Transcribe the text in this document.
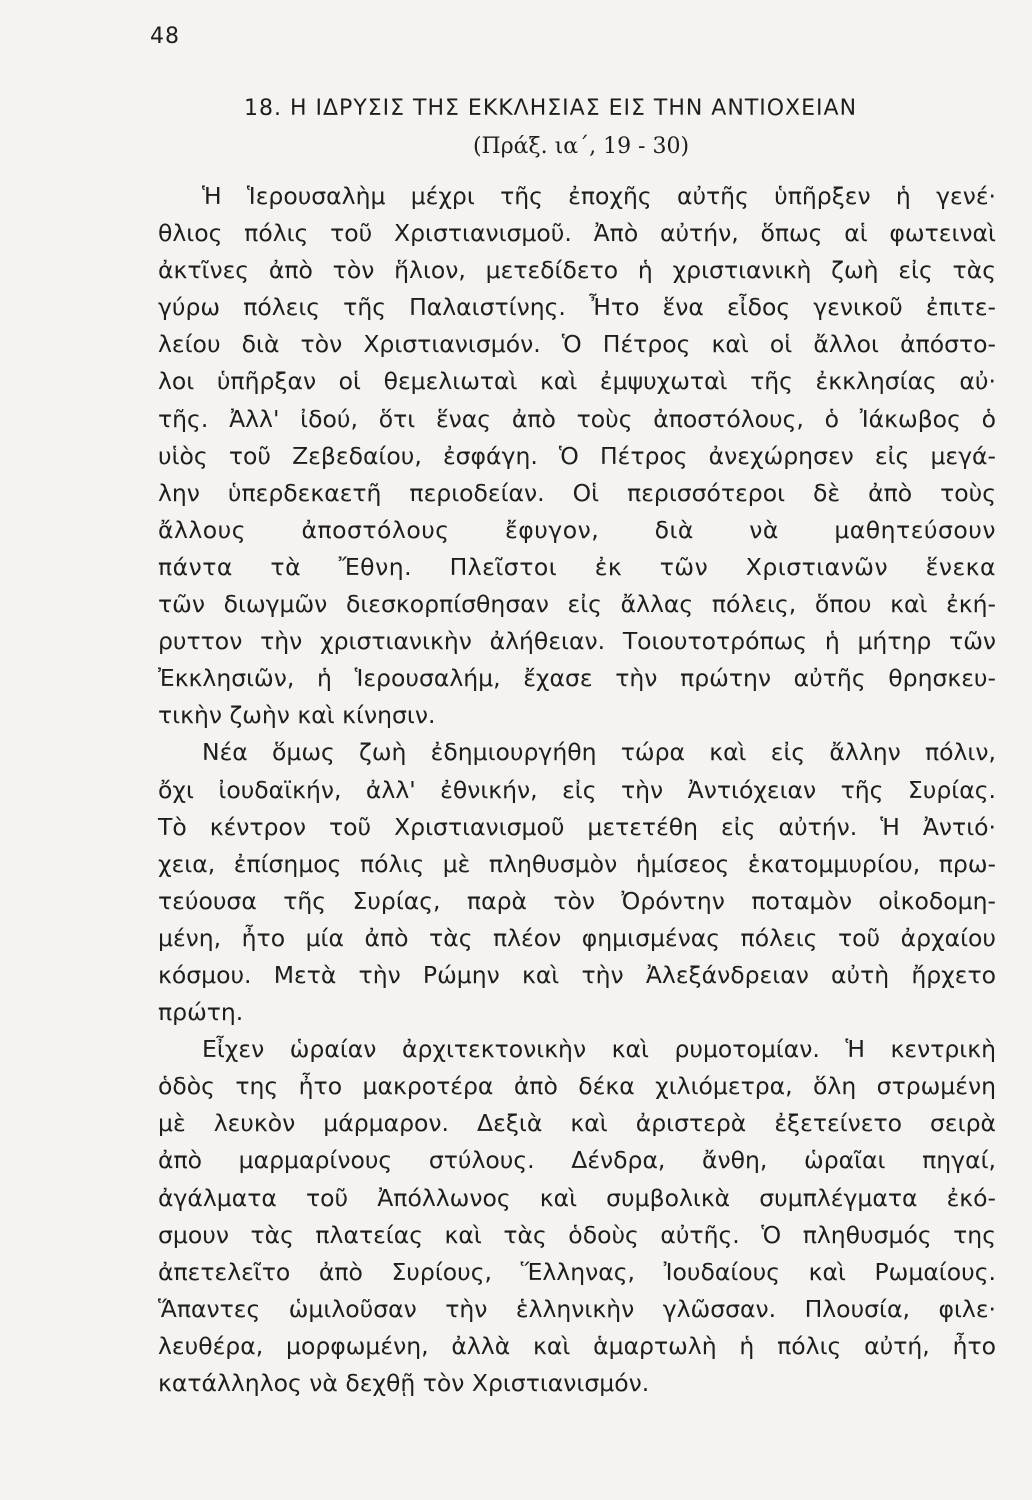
48
18. Η ΙΔΡΥΣΙΣ ΤΗΣ ΕΚΚΛΗΣΙΑΣ ΕΙΣ ΤΗΝ ΑΝΤΙΟΧΕΙΑΝ
(Πράξ. ια΄, 19 - 30)
Ἡ Ἱερουσαλὴμ μέχρι τῆς ἐποχῆς αὐτῆς ὑπῆρξεν ἡ γενέ·
θλιος πόλις τοῦ Χριστιανισμοῦ. Ἀπὸ αὐτήν, ὅπως αἱ φωτειναὶ
ἀκτῖνες ἀπὸ τὸν ἥλιον, μετεδίδετο ἡ χριστιανικὴ ζωὴ εἰς τὰς
γύρω πόλεις τῆς Παλαιστίνης. Ἦτο ἕνα εἶδος γενικοῦ ἐπιτε-
λείου διὰ τὸν Χριστιανισμόν. Ὁ Πέτρος καὶ οἱ ἄλλοι ἀπόστο-
λοι ὑπῆρξαν οἱ θεμελιωταὶ καὶ ἐμψυχωταὶ τῆς ἐκκλησίας αὐ·
τῆς. Ἀλλ' ἰδού, ὅτι ἕνας ἀπὸ τοὺς ἀποστόλους, ὁ Ἰάκωβος ὁ
υἱὸς τοῦ Ζεβεδαίου, ἐσφάγη. Ὁ Πέτρος ἀνεχώρησεν εἰς μεγά-
λην ὑπερδεκαετῆ περιοδείαν. Οἱ περισσότεροι δὲ ἀπὸ τοὺς
ἄλλους ἀποστόλους ἔφυγον, διὰ νὰ μαθητεύσουν
πάντα τὰ Ἔθνη. Πλεῖστοι ἐκ τῶν Χριστιανῶν ἕνεκα
τῶν διωγμῶν διεσκορπίσθησαν εἰς ἄλλας πόλεις, ὅπου καὶ ἐκή-
ρυττον τὴν χριστιανικὴν ἀλήθειαν. Τοιουτοτρόπως ἡ μήτηρ τῶν
Ἐκκλησιῶν, ἡ Ἱερουσαλήμ, ἔχασε τὴν πρώτην αὐτῆς θρησκευ-
τικὴν ζωὴν καὶ κίνησιν.
Νέα ὅμως ζωὴ ἐδημιουργήθη τώρα καὶ εἰς ἄλλην πόλιν,
ὄχι ἰουδαϊκήν, ἀλλ' ἐθνικήν, εἰς τὴν Ἀντιόχειαν τῆς Συρίας.
Τὸ κέντρον τοῦ Χριστιανισμοῦ μετετέθη εἰς αὐτήν. Ἡ Ἀντιό·
χεια, ἐπίσημος πόλις μὲ πληθυσμὸν ἡμίσεος ἑκατομμυρίου, πρω-
τεύουσα τῆς Συρίας, παρὰ τὸν Ὀρόντην ποταμὸν οἰκοδομη-
μένη, ἦτο μία ἀπὸ τὰς πλέον φημισμένας πόλεις τοῦ ἀρχαίου
κόσμου. Μετὰ τὴν Ρώμην καὶ τὴν Ἀλεξάνδρειαν αὐτὴ ἤρχετο
πρώτη.
Εἶχεν ὡραίαν ἀρχιτεκτονικὴν καὶ ρυμοτομίαν. Ἡ κεντρικὴ
ὁδὸς της ἦτο μακροτέρα ἀπὸ δέκα χιλιόμετρα, ὅλη στρωμένη
μὲ λευκὸν μάρμαρον. Δεξιὰ καὶ ἀριστερὰ ἐξετείνετο σειρὰ
ἀπὸ μαρμαρίνους στύλους. Δένδρα, ἄνθη, ὡραῖαι πηγαί,
ἀγάλματα τοῦ Ἀπόλλωνος καὶ συμβολικὰ συμπλέγματα ἐκό-
σμουν τὰς πλατείας καὶ τὰς ὁδοὺς αὐτῆς. Ὁ πληθυσμός της
ἀπετελεῖτο ἀπὸ Συρίους, Ἕλληνας, Ἰουδαίους καὶ Ρωμαίους.
Ἅπαντες ὡμιλοῦσαν τὴν ἑλληνικὴν γλῶσσαν. Πλουσία, φιλε·
λευθέρα, μορφωμένη, ἀλλὰ καὶ ἁμαρτωλὴ ἡ πόλις αὐτή, ἦτο
κατάλληλος νὰ δεχθῇ τὸν Χριστιανισμόν.
